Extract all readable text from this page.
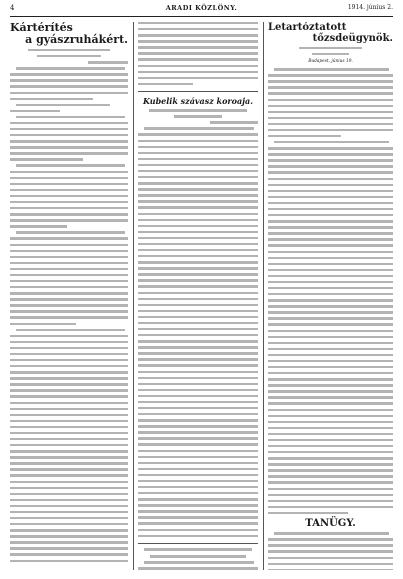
4	ARADI KÖZLÖNY.	1914. június 2.
Kártérítés
a gyászruhákért.
Kubelik szávasz koroaja.
Letartóztatott
tőzsdeügynök.
Budapest, június 19.
TANÜGY.
